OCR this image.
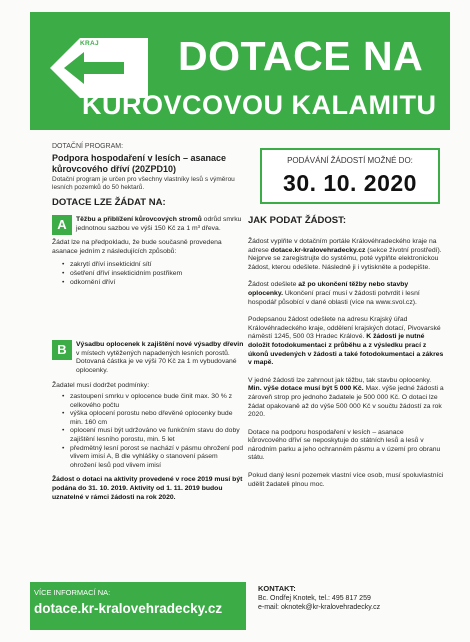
KRÁLOVÉHRADECKÝ
KRAJ	DOTACE NA
KŮROVCOVOU KALAMITU
DOTAČNÍ PROGRAM:
Podpora hospodaření v lesích – asanace kůrovcového dříví (20ZPD10)
Dotační program je určen pro všechny vlastníky lesů s výměrou lesních pozemků do 50 hektarů.
PODÁVÁNÍ ŽÁDOSTÍ MOŽNÉ DO:
30. 10. 2020
DOTACE LZE ŽÁDAT NA:
A	Těžbu a přiblížení kůrovcových stromů odrůd smrku jednotnou sazbou ve výši 150 Kč za 1 m³ dřeva.
Žádat lze na předpokladu, že bude současně provedena asanace jedním z následujících způsobů:
• zakrytí dříví insekticidní sítí
• ošetření dříví insekticidním postřikem
• odkornění dříví
B	Výsadbu oplocenek k zajištění nové výsadby dřevin v místech vytěžených napadených lesních porostů. Dotovaná částka je ve výši 70 Kč za 1 m vybudované oplocenky.
Žadatel musí dodržet podmínky:
• zastoupení smrku v oplocence bude činit max. 30 % z celkového počtu
• výška oplocení porostu nebo dřevěné oplocenky bude min. 160 cm
• oplocení musí být udržováno ve funkčním stavu do doby zajištění lesního porostu, min. 5 let
• předmětný lesní porost se nachází v pásmu ohrožení pod vlivem imisí A, B dle vyhlášky o stanovení pásem ohrožení lesů pod vlivem imisí
Žádost o dotaci na aktivity provedené v roce 2019 musí být podána do 31. 10. 2019. Aktivity od 1. 11. 2019 budou uznatelné v rámci žádosti na rok 2020.
JAK PODAT ŽÁDOST:
Žádost vyplňte v dotačním portále Královéhradeckého kraje na adrese dotace.kr-kralovehradecky.cz (sekce životní prostředí). Nejprve se zaregistrujte do systému, poté vyplňte elektronickou žádost, kterou odešlete. Následně ji i vytiskněte a podepište.
Žádost odešlete až po ukončení těžby nebo stavby oplocenky. Ukončení prací musí v žádosti potvrdit i lesní hospodář působící v dané oblasti (více na www.svol.cz).
Podepsanou žádost odešlete na adresu Krajský úřad Královéhradeckého kraje, oddělení krajských dotací, Pivovarské náměstí 1245, 500 03 Hradec Králové. K žádosti je nutné doložit fotodokumentaci z průběhu a z výsledku prací z úkonů uvedených v žádosti a také fotodokumentaci a zákres v mapě.
V jedné žádosti lze zahrnout jak těžbu, tak stavbu oplocenky. Min. výše dotace musí být 5 000 Kč. Max. výše jedné žádosti a zároveň strop pro jednoho žadatele je 500 000 Kč. O dotaci lze žádat opakovaně až do výše 500 000 Kč v součtu žádostí za rok 2020.
Dotace na podporu hospodaření v lesích – asanace kůrovcového dříví se neposkytuje do státních lesů a lesů v národním parku a jeho ochranném pásmu a v území pro obranu státu.
Pokud daný lesní pozemek vlastní více osob, musí spoluvlastníci udělit žadateli plnou moc.
VÍCE INFORMACÍ NA:
dotace.kr-kralovehradecky.cz
KONTAKT:
Bc. Ondřej Knotek, tel.: 495 817 259
e-mail: oknotek@kr-kralovehradecky.cz
